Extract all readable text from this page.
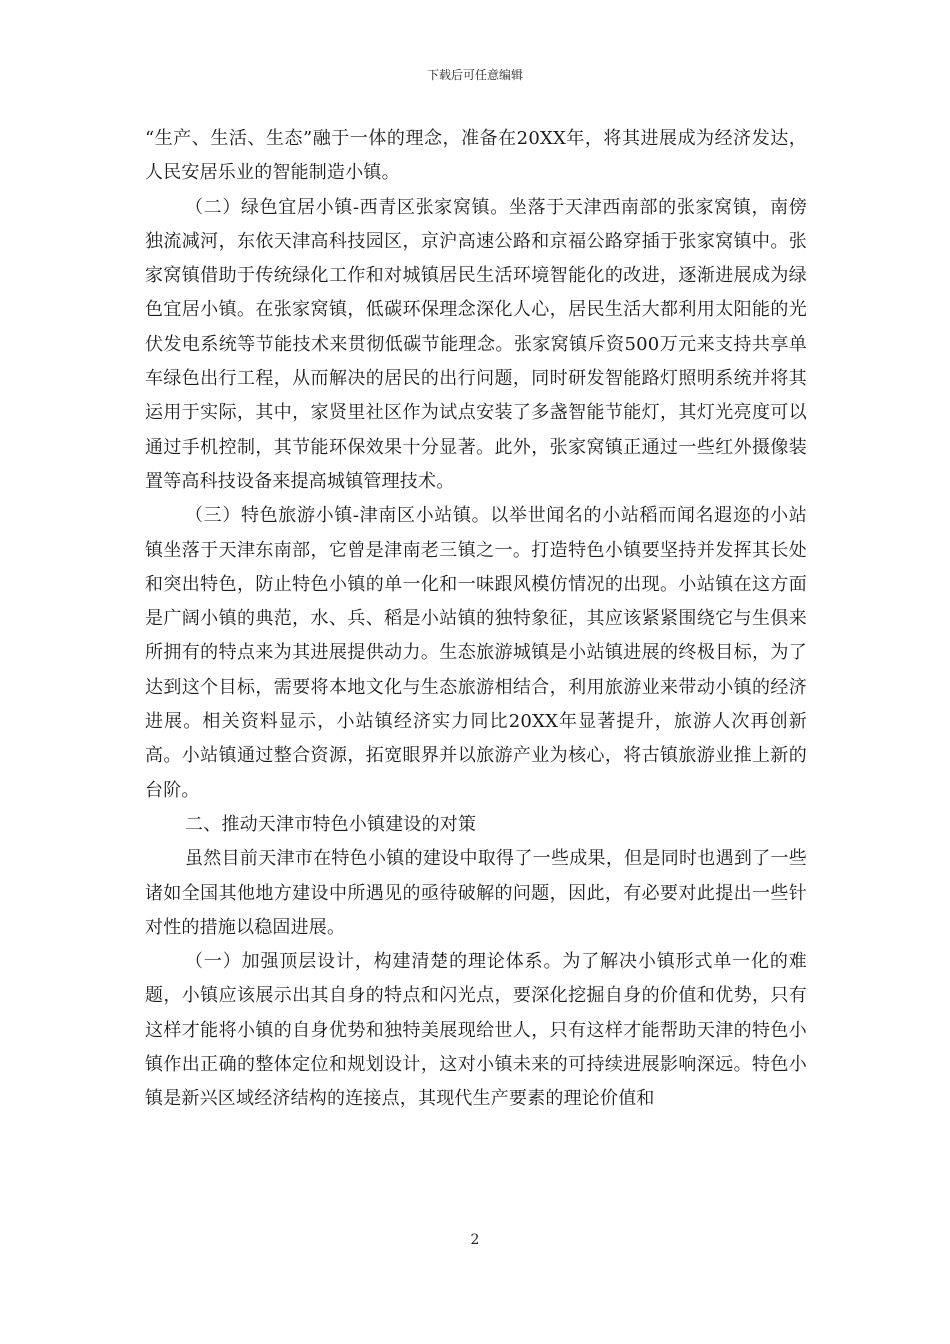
下载后可任意编辑

“生产、生活、生态”融于一体的理念，准备在20XX年，将其进展成为经济发达，人民安居乐业的智能制造小镇。

（二）绿色宜居小镇-西青区张家窝镇。坐落于天津西南部的张家窝镇，南傍独流减河，东依天津高科技园区，京沪高速公路和京福公路穿插于张家窝镇中。张家窝镇借助于传统绿化工作和对城镇居民生活环境智能化的改进，逐渐进展成为绿色宜居小镇。在张家窝镇，低碳环保理念深化人心，居民生活大都利用太阳能的光伏发电系统等节能技术来贯彻低碳节能理念。张家窝镇斥资500万元来支持共享单车绿色出行工程，从而解决的居民的出行问题，同时研发智能路灯照明系统并将其运用于实际，其中，家贤里社区作为试点安装了多盏智能节能灯，其灯光亮度可以通过手机控制，其节能环保效果十分显著。此外，张家窝镇正通过一些红外摄像装置等高科技设备来提高城镇管理技术。

（三）特色旅游小镇-津南区小站镇。以举世闻名的小站稻而闻名遐迩的小站镇坐落于天津东南部，它曾是津南老三镇之一。打造特色小镇要坚持并发挥其长处和突出特色，防止特色小镇的单一化和一味跟风模仿情况的出现。小站镇在这方面是广阔小镇的典范，水、兵、稻是小站镇的独特象征，其应该紧紧围绕它与生俱来所拥有的特点来为其进展提供动力。生态旅游城镇是小站镇进展的终极目标，为了达到这个目标，需要将本地文化与生态旅游相结合，利用旅游业来带动小镇的经济进展。相关资料显示，小站镇经济实力同比20XX年显著提升，旅游人次再创新高。小站镇通过整合资源，拓宽眼界并以旅游产业为核心，将古镇旅游业推上新的台阶。

二、推动天津市特色小镇建设的对策

虽然目前天津市在特色小镇的建设中取得了一些成果，但是同时也遇到了一些诸如全国其他地方建设中所遇见的亟待破解的问题，因此，有必要对此提出一些针对性的措施以稳固进展。

（一）加强顶层设计，构建清楚的理论体系。为了解决小镇形式单一化的难题，小镇应该展示出其自身的特点和闪光点，要深化挖掘自身的价值和优势，只有这样才能将小镇的自身优势和独特美展现给世人，只有这样才能帮助天津的特色小镇作出正确的整体定位和规划设计，这对小镇未来的可持续进展影响深远。特色小镇是新兴区域经济结构的连接点，其现代生产要素的理论价值和

2
